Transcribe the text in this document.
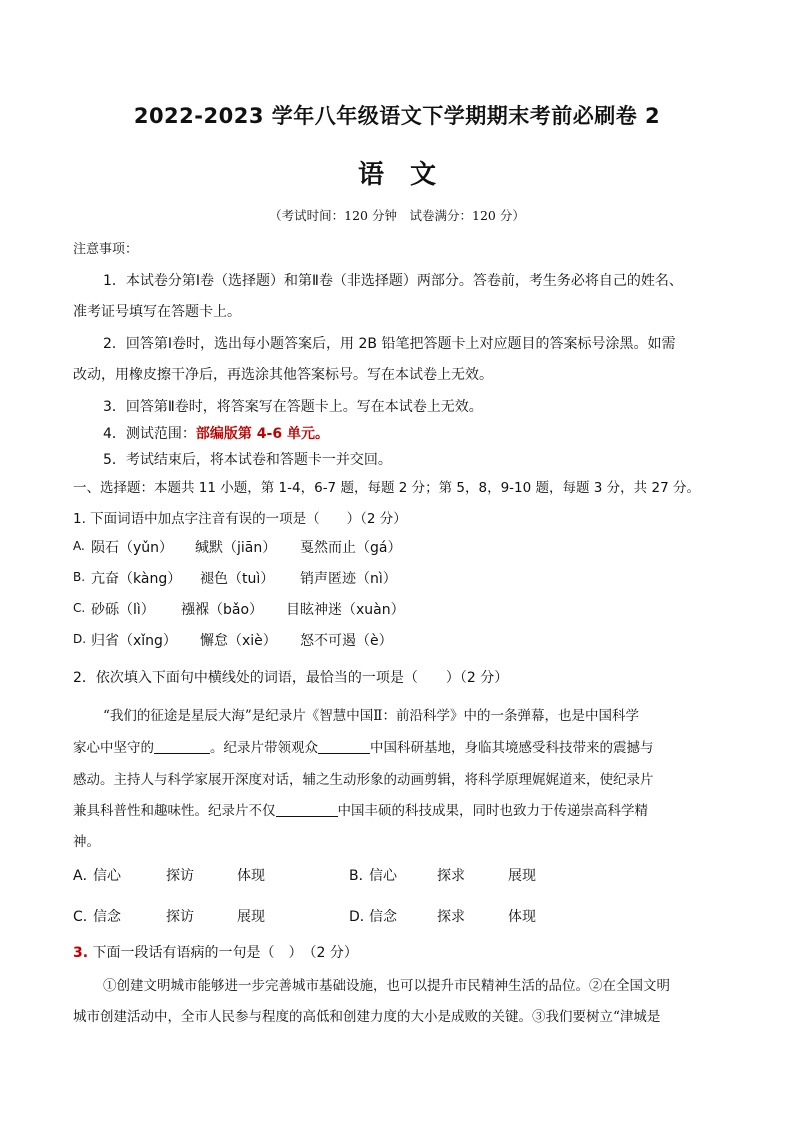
2022-2023 学年八年级语文下学期期末考前必刷卷 2
语　文
（考试时间：120 分钟　试卷满分：120 分）
注意事项：
1．本试卷分第Ⅰ卷（选择题）和第Ⅱ卷（非选择题）两部分。答卷前，考生务必将自己的姓名、
准考证号填写在答题卡上。
2．回答第Ⅰ卷时，选出每小题答案后，用 2B 铅笔把答题卡上对应题目的答案标号涂黑。如需
改动，用橡皮擦干净后，再选涂其他答案标号。写在本试卷上无效。
3．回答第Ⅱ卷时，将答案写在答题卡上。写在本试卷上无效。
4．测试范围：部编版第 4-6 单元。
5．考试结束后，将本试卷和答题卡一并交回。
一、选择题：本题共 11 小题，第 1-4，6-7 题，每题 2 分；第 5，8，9-10 题，每题 3 分，共 27 分。
1. 下面词语中加点字注音有误的一项是（　　）（2 分）
A. 陨石（yǔn） 缄默（jiān） 戛然而止（gá）
B. 亢奋（kàng） 褪色（tuì） 销声匿迹（nì）
C. 砂砾（lì） 襁褓（bǎo） 目眩神迷（xuàn）
D. 归省（xǐng） 懈怠（xiè） 怒不可遏（è）
2．依次填入下面句中横线处的词语，最恰当的一项是（　　）（2 分）
“我们的征途是星辰大海”是纪录片《智慧中国Ⅱ：前沿科学》中的一条弹幕，也是中国科学
家心中坚守的	。纪录片带领观众	中国科研基地，身临其境感受科技带来的震撼与
感动。主持人与科学家展开深度对话，辅之生动形象的动画剪辑，将科学原理娓娓道来，使纪录片
兼具科普性和趣味性。纪录片不仅	中国丰硕的科技成果，同时也致力于传递崇高科学精
神。
A．
信心	探访	体现	B．
信心	探求	展现
C．
信念	探访	展现	D．
信念	探求	体现
3. 下面一段话有语病的一句是（　）　（2 分）
①创建文明城市能够进一步完善城市基础设施，也可以提升市民精神生活的品位。②在全国文明
城市创建活动中，全市人民参与程度的高低和创建力度的大小是成败的关键。③我们要树立“津城是
